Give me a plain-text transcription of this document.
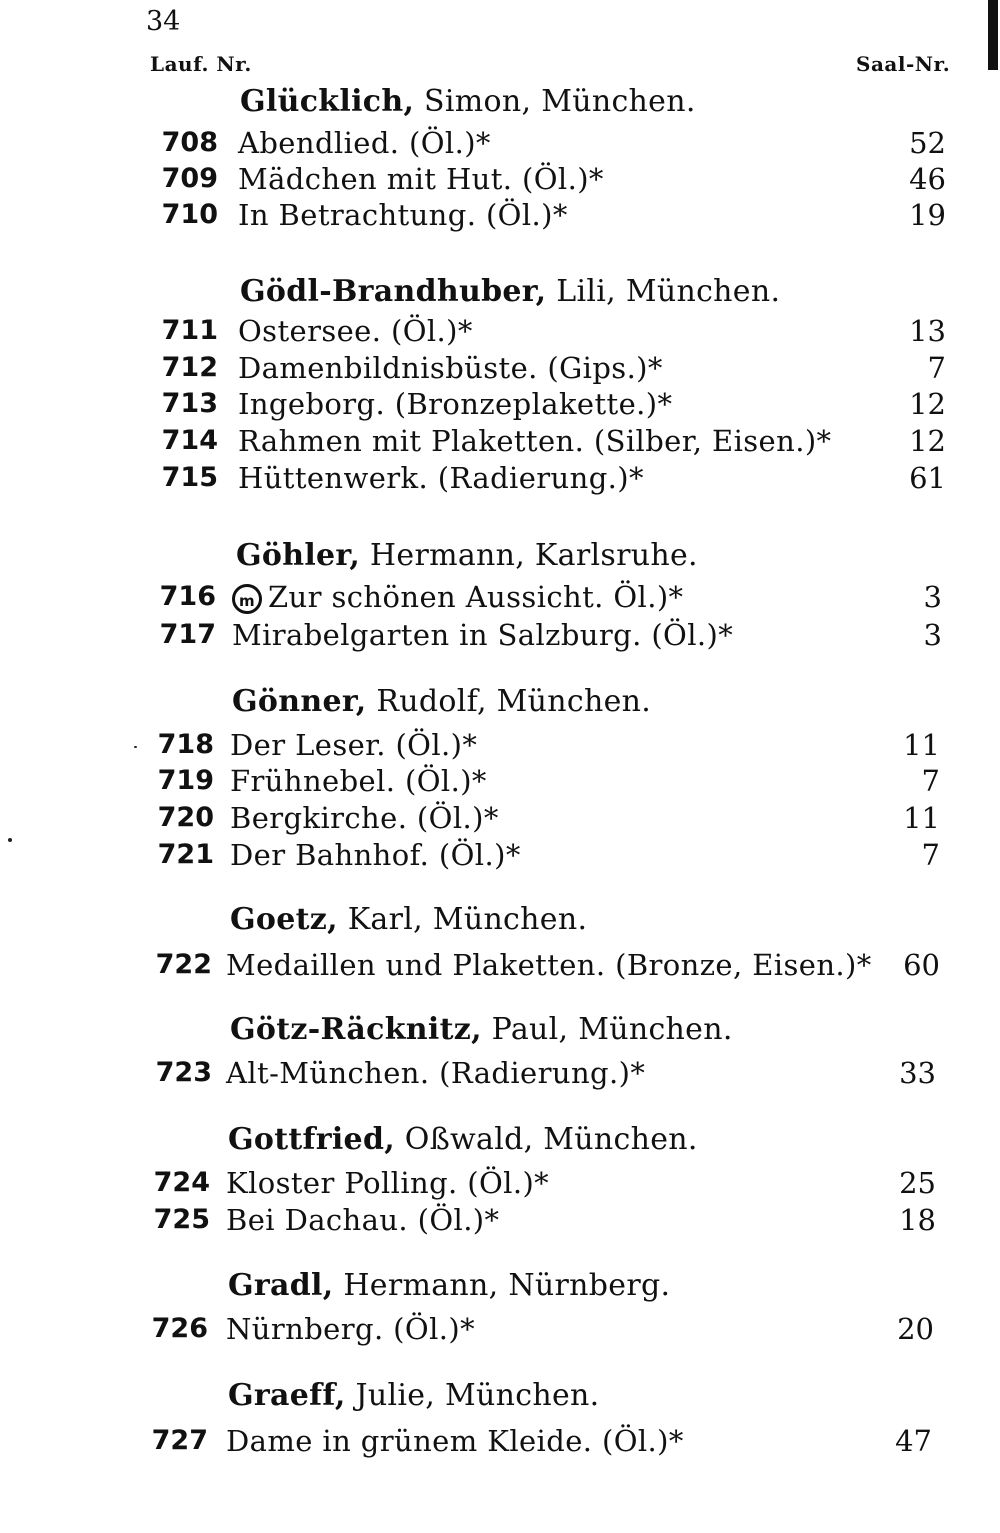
34
Lauf. Nr.	Saal-Nr.
Glücklich, Simon, München.
708 Abendlied. (Öl.)*	52
709 Mädchen mit Hut. (Öl.)*	46
710 In Betrachtung. (Öl.)*	19
Gödl-Brandhuber, Lili, München.
711 Ostersee. (Öl.)*	13
712 Damenbildnisbüste. (Gips.)*	7
713 Ingeborg. (Bronzeplakette.)*	12
714 Rahmen mit Plaketten. (Silber, Eisen.)*	12
715 Hüttenwerk. (Radierung.)*	61
Göhler, Hermann, Karlsruhe.
716	m Zur schönen Aussicht. Öl.)*	3
717 Mirabelgarten in Salzburg. (Öl.)*	3
Gönner, Rudolf, München.
718 Der Leser. (Öl.)*	11
719 Frühnebel. (Öl.)*	7
720 Bergkirche. (Öl.)*	11
721 Der Bahnhof. (Öl.)*	7
Goetz, Karl, München.
722 Medaillen und Plaketten. (Bronze, Eisen.)*	60
Götz-Räcknitz, Paul, München.
723 Alt-München. (Radierung.)*	33
Gottfried, Oßwald, München.
724 Kloster Polling. (Öl.)*	25
725 Bei Dachau. (Öl.)*	18
Gradl, Hermann, Nürnberg.
726 Nürnberg. (Öl.)*	20
Graeff, Julie, München.
727 Dame in grünem Kleide. (Öl.)*	47
